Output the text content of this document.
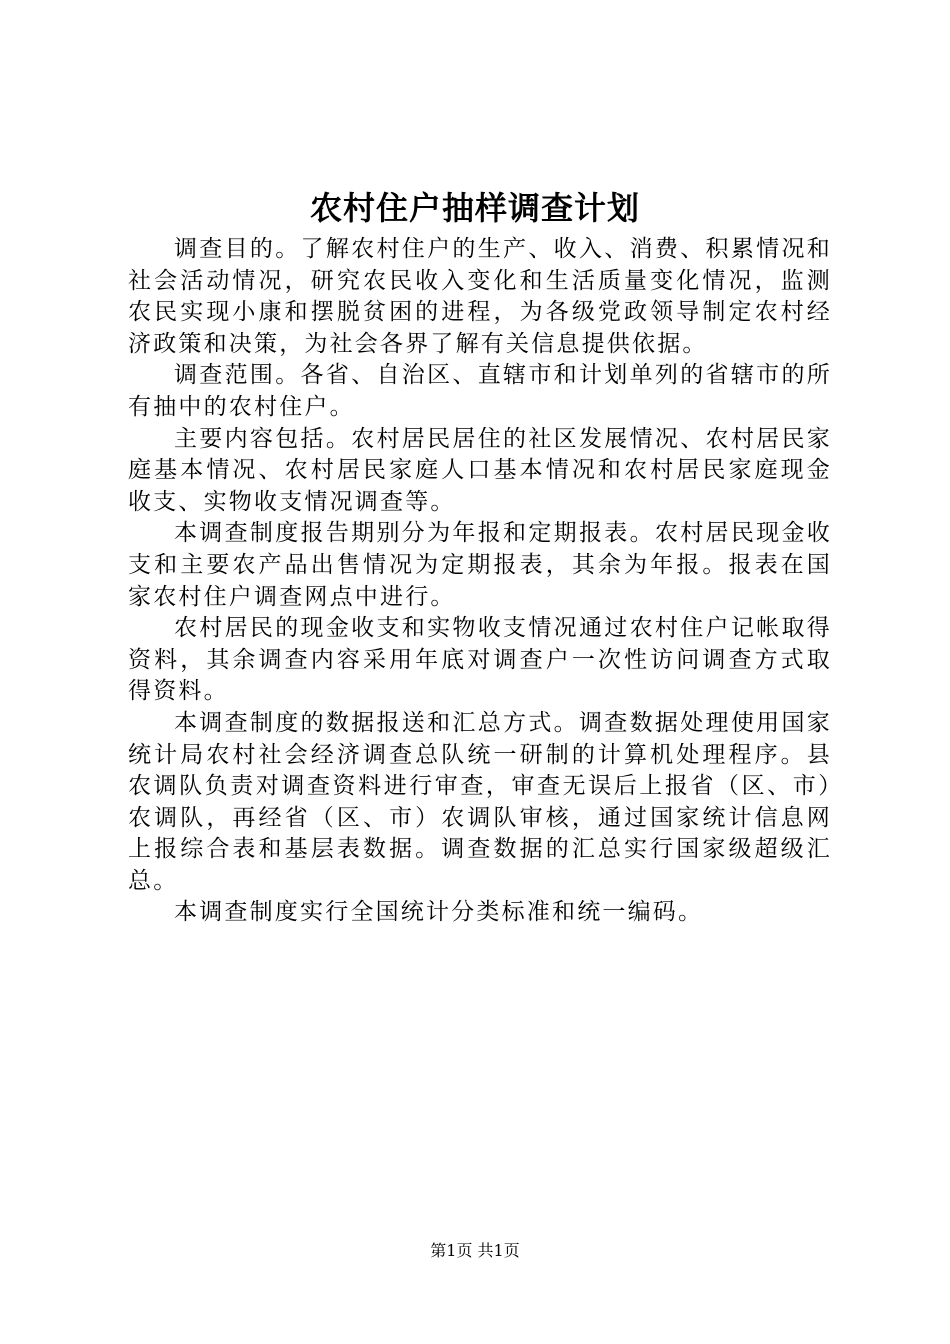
农村住户抽样调查计划

调查目的。了解农村住户的生产、收入、消费、积累情况和社会活动情况，研究农民收入变化和生活质量变化情况，监测农民实现小康和摆脱贫困的进程，为各级党政领导制定农村经济政策和决策，为社会各界了解有关信息提供依据。

调查范围。各省、自治区、直辖市和计划单列的省辖市的所有抽中的农村住户。

主要内容包括。农村居民居住的社区发展情况、农村居民家庭基本情况、农村居民家庭人口基本情况和农村居民家庭现金收支、实物收支情况调查等。

本调查制度报告期别分为年报和定期报表。农村居民现金收支和主要农产品出售情况为定期报表，其余为年报。报表在国家农村住户调查网点中进行。

农村居民的现金收支和实物收支情况通过农村住户记帐取得资料，其余调查内容采用年底对调查户一次性访问调查方式取得资料。

本调查制度的数据报送和汇总方式。调查数据处理使用国家统计局农村社会经济调查总队统一研制的计算机处理程序。县农调队负责对调查资料进行审查，审查无误后上报省（区、市）农调队，再经省（区、市）农调队审核，通过国家统计信息网上报综合表和基层表数据。调查数据的汇总实行国家级超级汇总。

本调查制度实行全国统计分类标准和统一编码。

第1页 共1页
